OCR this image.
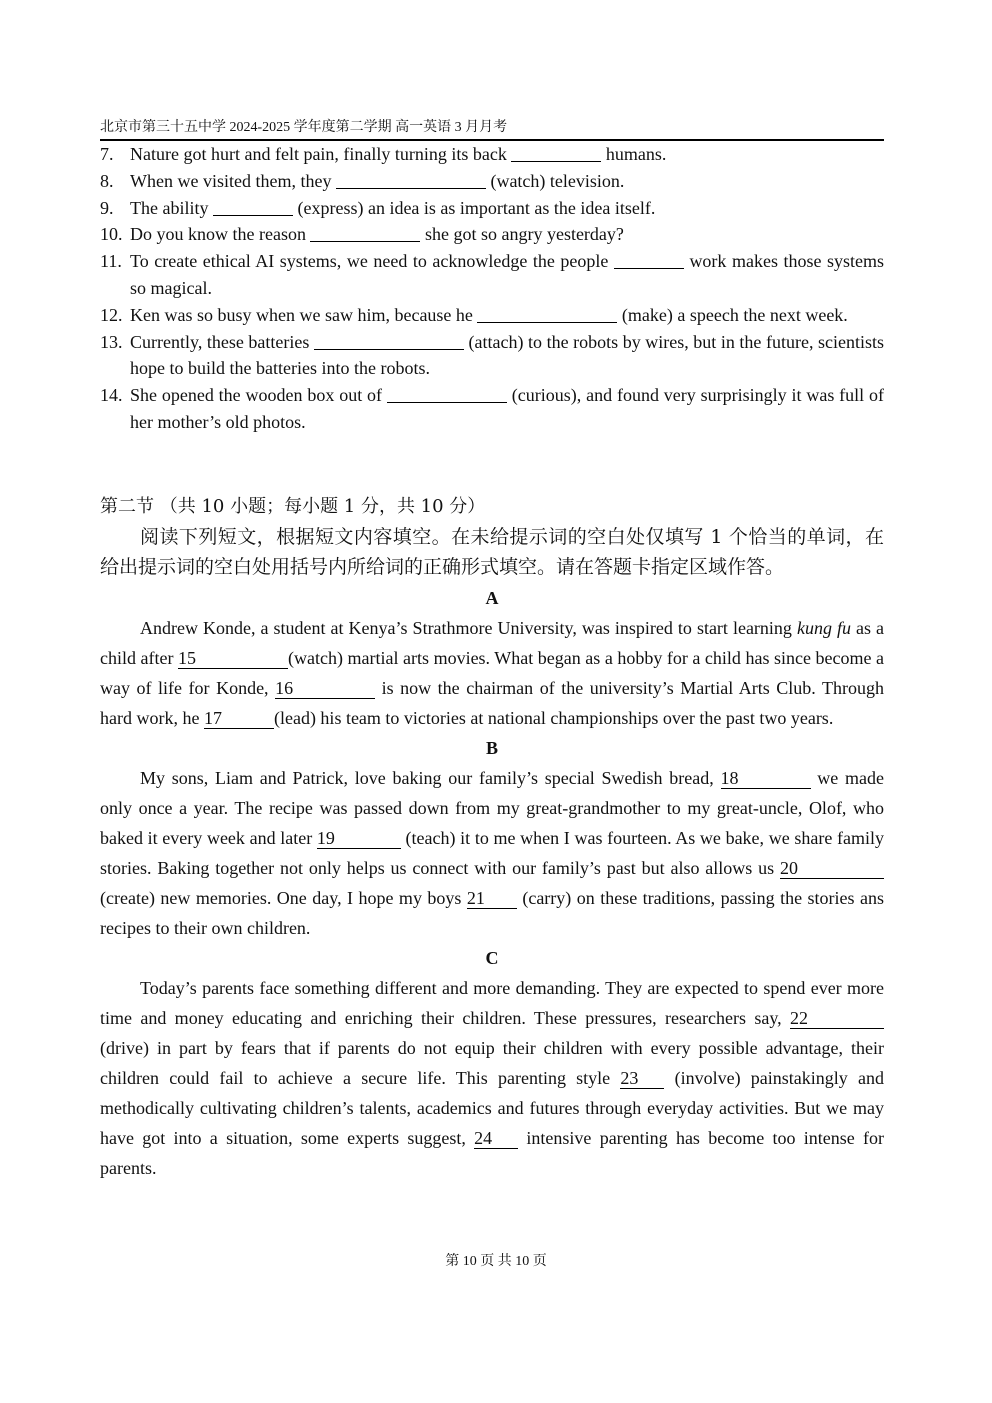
北京市第三十五中学 2024-2025 学年度第二学期 高一英语 3 月月考
7. Nature got hurt and felt pain, finally turning its back	humans.
8. When we visited them, they	(watch) television.
9. The ability	(express) an idea is as important as the idea itself.
10. Do you know the reason	she got so angry yesterday?
11. To create ethical AI systems, we need to acknowledge the people	work makes those systems so magical.
12. Ken was so busy when we saw him, because he	(make) a speech the next week.
13. Currently, these batteries	(attach) to the robots by wires, but in the future, scientists hope to build the batteries into the robots.
14. She opened the wooden box out of	(curious), and found very surprisingly it was full of her mother’s old photos.
第二节 （共 10 小题；每小题 1 分，共 10 分）
阅读下列短文，根据短文内容填空。在未给提示词的空白处仅填写 1 个恰当的单词，在给出提示词的空白处用括号内所给词的正确形式填空。请在答题卡指定区域作答。
A

Andrew Konde, a student at Kenya’s Strathmore University, was inspired to start learning kung fu as a child after 15	(watch) martial arts movies. What began as a hobby for a child has since become a way of life for Konde, 16	is now the chairman of the university’s Martial Arts Club. Through hard work, he 17	(lead) his team to victories at national championships over the past two years.

B

My sons, Liam and Patrick, love baking our family’s special Swedish bread, 18	we made only once a year. The recipe was passed down from my great-grandmother to my great-uncle, Olof, who baked it every week and later 19	(teach) it to me when I was fourteen. As we bake, we share family stories. Baking together not only helps us connect with our family’s past but also allows us 20(create) new memories. One day, I hope my boys 21 (carry) on these traditions, passing the stories ans recipes to their own children.

C

Today’s parents face something different and more demanding. They are expected to spend ever more time and money educating and enriching their children. These pressures, researchers say, 22 (drive) in part by fears that if parents do not equip their children with every possible advantage, their children could fail to achieve a secure life. This parenting style 23 (involve) painstakingly and methodically cultivating children’s talents, academics and futures through everyday activities. But we may have got into a situation, some experts suggest, 24 intensive parenting has become too intense for parents.

第 10 页 共 10 页
